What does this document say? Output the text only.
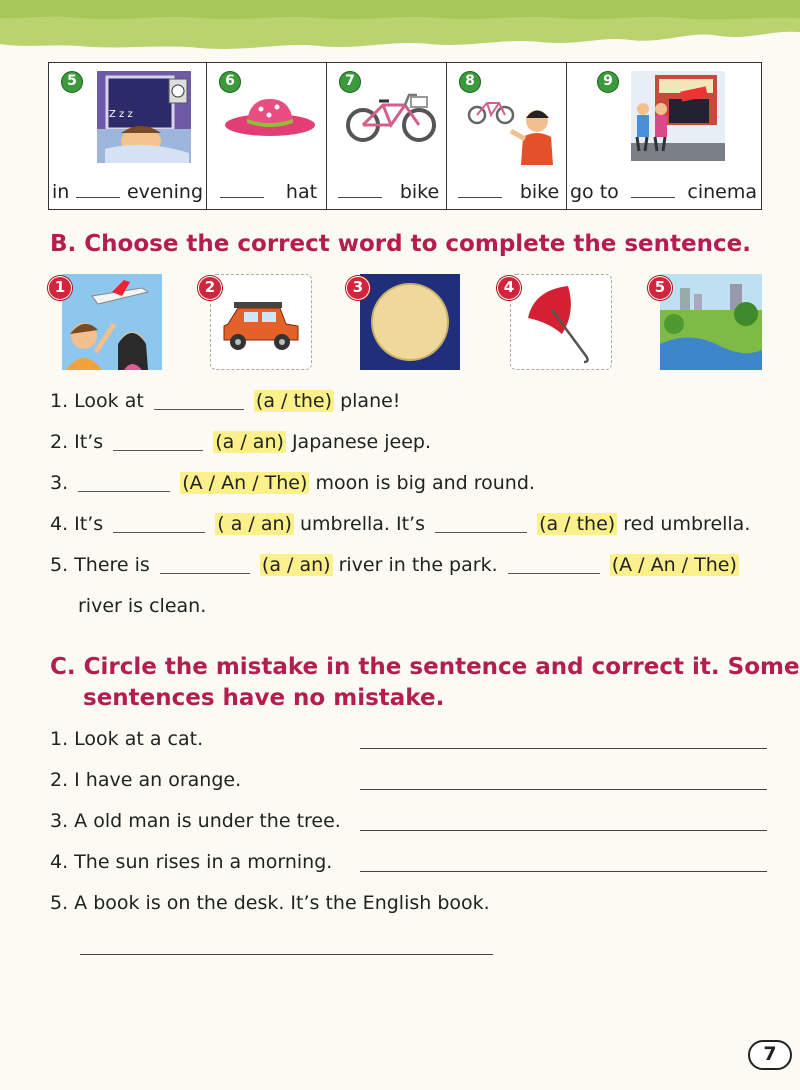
5
Z z z
in	evening
6
hat
7
bike
8
bike
9
go to	cinema
B. Choose the correct word to complete the sentence.
1	2	3	4	5
1. Look at	(a / the) plane!
2. It’s	(a / an) Japanese jeep.
3.	(A / An / The) moon is big and round.
4. It’s	( a / an) umbrella. It’s	(a / the) red umbrella.
5. There is	(a / an) river in the park.	(A / An / The)
river is clean.
C. Circle the mistake in the sentence and correct it. Some
sentences have no mistake.
1. Look at a cat.
2. I have an orange.
3. A old man is under the tree.
4. The sun rises in a morning.
5. A book is on the desk. It’s the English book.
7
